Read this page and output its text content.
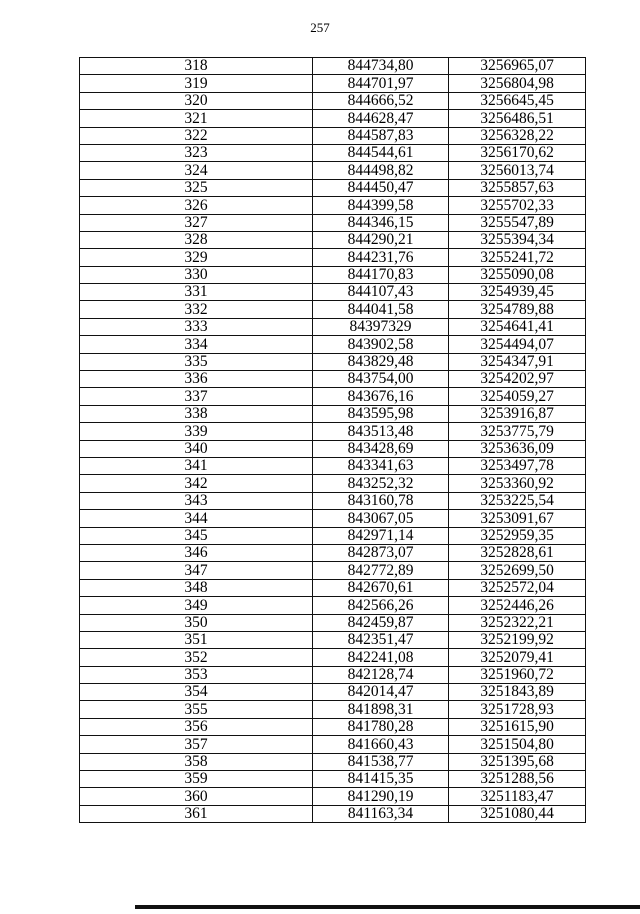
257
318	844734,80	3256965,07
319	844701,97	3256804,98
320	844666,52	3256645,45
321	844628,47	3256486,51
322	844587,83	3256328,22
323	844544,61	3256170,62
324	844498,82	3256013,74
325	844450,47	3255857,63
326	844399,58	3255702,33
327	844346,15	3255547,89
328	844290,21	3255394,34
329	844231,76	3255241,72
330	844170,83	3255090,08
331	844107,43	3254939,45
332	844041,58	3254789,88
333	84397329	3254641,41
334	843902,58	3254494,07
335	843829,48	3254347,91
336	843754,00	3254202,97
337	843676,16	3254059,27
338	843595,98	3253916,87
339	843513,48	3253775,79
340	843428,69	3253636,09
341	843341,63	3253497,78
342	843252,32	3253360,92
343	843160,78	3253225,54
344	843067,05	3253091,67
345	842971,14	3252959,35
346	842873,07	3252828,61
347	842772,89	3252699,50
348	842670,61	3252572,04
349	842566,26	3252446,26
350	842459,87	3252322,21
351	842351,47	3252199,92
352	842241,08	3252079,41
353	842128,74	3251960,72
354	842014,47	3251843,89
355	841898,31	3251728,93
356	841780,28	3251615,90
357	841660,43	3251504,80
358	841538,77	3251395,68
359	841415,35	3251288,56
360	841290,19	3251183,47
361	841163,34	3251080,44
